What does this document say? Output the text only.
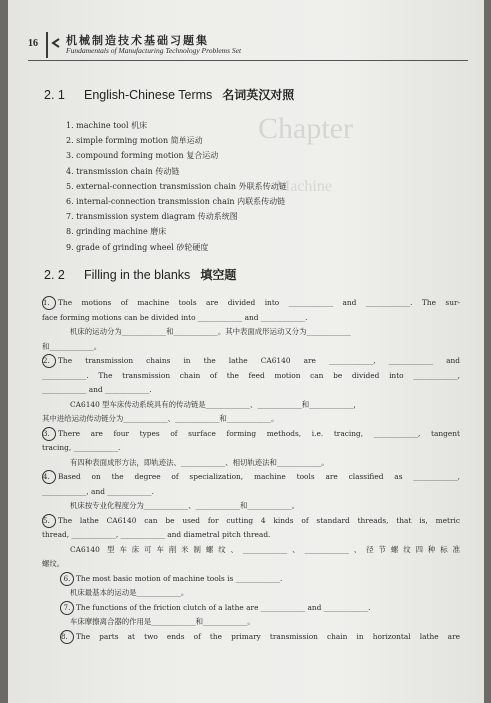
Chapter
Machine
16	机械制造技术基础习题集
Fundamentals of Manufacturing Technology Problems Set
2. 1 English-Chinese Terms 名词英汉对照
1. machine tool 机床
2. simple forming motion 简单运动
3. compound forming motion 复合运动
4. transmission chain 传动链
5. external-connection transmission chain 外联系传动链
6. internal-connection transmission chain 内联系传动链
7. transmission system diagram 传动系统图
8. grinding machine 磨床
9. grade of grinding wheel 砂轮硬度
2. 2 Filling in the blanks 填空题
1. The motions of machine tools are divided into ____________ and ____________. The sur-
face forming motions can be divided into ____________ and ____________.
机床的运动分为____________和____________。其中表面成形运动又分为____________
和____________。
2. The transmission chains in the lathe CA6140 are ____________, ____________ and
____________. The transmission chain of the feed motion can be divided into ____________,
____________ and ____________.
CA6140 型车床传动系统具有的传动链是____________、____________和____________，
其中进给运动传动链分为____________、____________和____________。
3. There are four types of surface forming methods, i.e. tracing, ____________, tangent
tracing, ____________.
有四种表面成形方法，即轨迹法、____________、相切轨迹法和____________。
4. Based on the degree of specialization, machine tools are classified as ____________,
____________, and ____________.
机床按专业化程度分为____________、____________和____________。
5. The lathe CA6140 can be used for cutting 4 kinds of standard threads, that is, metric
thread, ____________, ____________ and diametral pitch thread.
CA6140 型车床可车削米制螺纹、____________、____________、径节螺纹四种标准
螺纹。
6. The most basic motion of machine tools is ____________.
机床最基本的运动是____________。
7. The functions of the friction clutch of a lathe are ____________ and ____________.
车床摩擦离合器的作用是____________和____________。
8. The parts at two ends of the primary transmission chain in horizontal lathe are
